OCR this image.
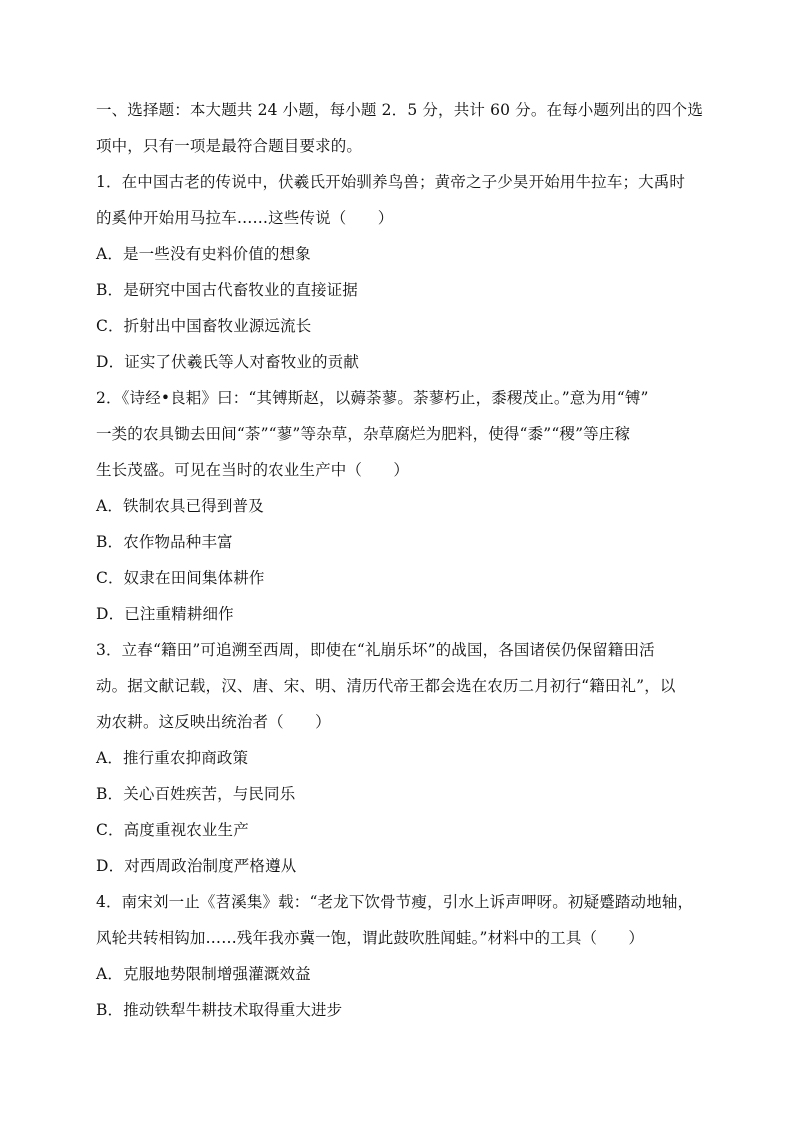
一、选择题：本大题共 24 小题，每小题 2．5 分，共计 60 分。在每小题列出的四个选
项中，只有一项是最符合题目要求的。
1．在中国古老的传说中，伏羲氏开始驯养鸟兽；黄帝之子少昊开始用牛拉车；大禹时
的奚仲开始用马拉车……这些传说（　　）
A．是一些没有史料价值的想象
B．是研究中国古代畜牧业的直接证据
C．折射出中国畜牧业源远流长
D．证实了伏羲氏等人对畜牧业的贡献
2．《诗经•良耜》曰：“其镈斯赵，以薅荼蓼。荼蓼朽止，黍稷茂止。”意为用“镈”
一类的农具锄去田间“荼”“蓼”等杂草，杂草腐烂为肥料，使得“黍”“稷”等庄稼
生长茂盛。可见在当时的农业生产中（　　）
A．铁制农具已得到普及
B．农作物品种丰富
C．奴隶在田间集体耕作
D．已注重精耕细作
3．立春“籍田”可追溯至西周，即使在“礼崩乐坏”的战国，各国诸侯仍保留籍田活
动。据文献记载，汉、唐、宋、明、清历代帝王都会选在农历二月初行“籍田礼”，以
劝农耕。这反映出统治者（　　）
A．推行重农抑商政策
B．关心百姓疾苦，与民同乐
C．高度重视农业生产
D．对西周政治制度严格遵从
4．南宋刘一止《苕溪集》载：“老龙下饮骨节瘦，引水上诉声呷呀。初疑蹙踏动地轴，
风轮共转相钩加……残年我亦冀一饱，谓此鼓吹胜闻蛙。”材料中的工具（　　）
A．克服地势限制增强灌溉效益
B．推动铁犁牛耕技术取得重大进步
